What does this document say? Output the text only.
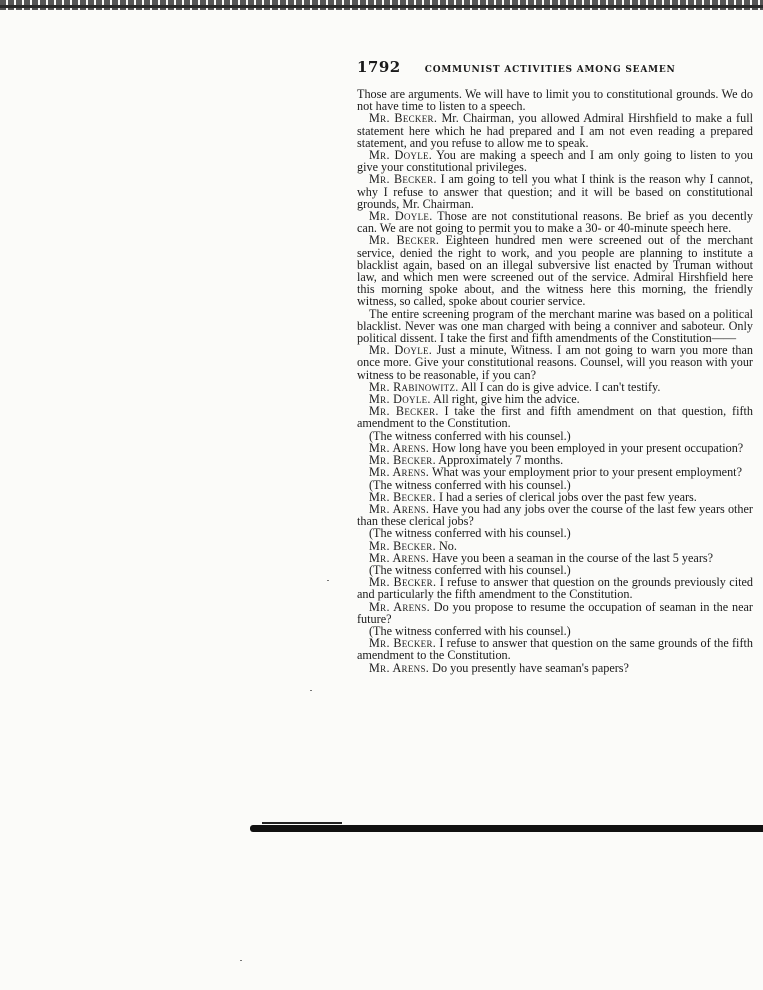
1792	COMMUNIST ACTIVITIES AMONG SEAMEN

Those are arguments. We will have to limit you to constitutional grounds. We do not have time to listen to a speech.

Mr. Becker. Mr. Chairman, you allowed Admiral Hirshfield to make a full statement here which he had prepared and I am not even reading a prepared statement, and you refuse to allow me to speak.

Mr. Doyle. You are making a speech and I am only going to listen to you give your constitutional privileges.

Mr. Becker. I am going to tell you what I think is the reason why I cannot, why I refuse to answer that question; and it will be based on constitutional grounds, Mr. Chairman.

Mr. Doyle. Those are not constitutional reasons. Be brief as you decently can. We are not going to permit you to make a 30- or 40-minute speech here.

Mr. Becker. Eighteen hundred men were screened out of the merchant service, denied the right to work, and you people are planning to institute a blacklist again, based on an illegal subversive list enacted by Truman without law, and which men were screened out of the service. Admiral Hirshfield here this morning spoke about, and the witness here this morning, the friendly witness, so called, spoke about courier service.

The entire screening program of the merchant marine was based on a political blacklist. Never was one man charged with being a conniver and saboteur. Only political dissent. I take the first and fifth amendments of the Constitution——

Mr. Doyle. Just a minute, Witness. I am not going to warn you more than once more. Give your constitutional reasons. Counsel, will you reason with your witness to be reasonable, if you can?

Mr. Rabinowitz. All I can do is give advice. I can't testify.

Mr. Doyle. All right, give him the advice.

Mr. Becker. I take the first and fifth amendment on that question, fifth amendment to the Constitution.

(The witness conferred with his counsel.)

Mr. Arens. How long have you been employed in your present occupation?

Mr. Becker. Approximately 7 months.

Mr. Arens. What was your employment prior to your present employment?

(The witness conferred with his counsel.)

Mr. Becker. I had a series of clerical jobs over the past few years.

Mr. Arens. Have you had any jobs over the course of the last few years other than these clerical jobs?

(The witness conferred with his counsel.)

Mr. Becker. No.

Mr. Arens. Have you been a seaman in the course of the last 5 years?

(The witness conferred with his counsel.)

Mr. Becker. I refuse to answer that question on the grounds previously cited and particularly the fifth amendment to the Constitution.

Mr. Arens. Do you propose to resume the occupation of seaman in the near future?

(The witness conferred with his counsel.)

Mr. Becker. I refuse to answer that question on the same grounds of the fifth amendment to the Constitution.

Mr. Arens. Do you presently have seaman's papers?
